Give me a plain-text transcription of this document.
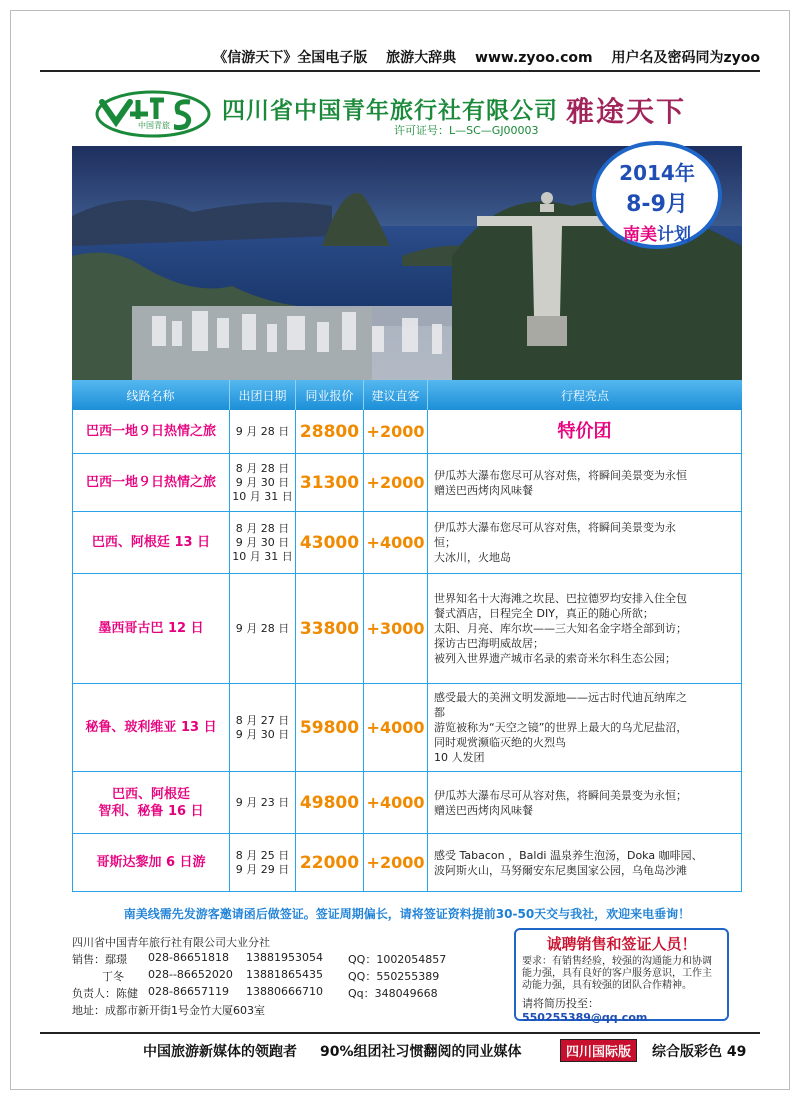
《信游天下》全国电子版 旅游大辞典 www.zyoo.com 用户名及密码同为zyoo
中国青旅
四川省中国青年旅行社有限公司
许可证号：L—SC—GJ00003
雅途天下
2014年
8-9月
南美计划
线路名称	出团日期	同业报价	建议直客	行程亮点

巴西一地９日热情之旅	9 月 28 日	28800	+2000	特价团

巴西一地９日热情之旅	8 月 28 日
9 月 30 日
10 月 31 日	31300	+2000	伊瓜苏大瀑布您尽可从容对焦，将瞬间美景变为永恒
赠送巴西烤肉风味餐

巴西、阿根廷 13 日	8 月 28 日
9 月 30 日
10 月 31 日	43000	+4000	伊瓜苏大瀑布您尽可从容对焦，将瞬间美景变为永
恒；
大冰川，火地岛

墨西哥古巴 12 日	9 月 28 日	33800	+3000	世界知名十大海滩之坎昆、巴拉德罗均安排入住全包
餐式酒店，日程完全 DIY，真正的随心所欲；
太阳、月亮、库尔坎——三大知名金字塔全部到访；
探访古巴海明威故居；
被列入世界遗产城市名录的索奇米尔科生态公园；

秘鲁、玻利维亚 13 日	8 月 27 日
9 月 30 日	59800	+4000	感受最大的美洲文明发源地——远古时代迪瓦纳库之
都
游览被称为“天空之镜”的世界上最大的乌尤尼盐沼，
同时观赏濒临灭绝的火烈鸟
10 人发团

巴西、阿根廷
智利、秘鲁 16 日	9 月 23 日	49800	+4000	伊瓜苏大瀑布尽可从容对焦，将瞬间美景变为永恒；
赠送巴西烤肉风味餐

哥斯达黎加 6 日游	8 月 25 日
9 月 29 日	22000	+2000	感受 Tabacon ，Baldi 温泉养生泡汤，Doka 咖啡园、
波阿斯火山，马努爾安东尼奥国家公园，乌龟岛沙滩
南美线需先发游客邀请函后做签证。签证周期偏长，请将签证资料提前30-50天交与我社，欢迎来电垂询！
四川省中国青年旅行社有限公司大业分社
销售：鄢璟 028-86651818 13881953054 QQ：1002054857
丁冬 028--86652020 13881865435 QQ：550255389
负责人：陈健 028-86657119 13880666710 Qq：348049668
地址：成都市新开街1号金竹大厦603室
诚聘销售和签证人员！
要求：有销售经验，较强的沟通能力和协调能力强，具有良好的客户服务意识，工作主动能力强，具有较强的团队合作精神。
请将简历投至：550255389@qq.com
中国旅游新媒体的领跑者 90%组团社习惯翻阅的同业媒体	四川国际版	综合版彩色 49
